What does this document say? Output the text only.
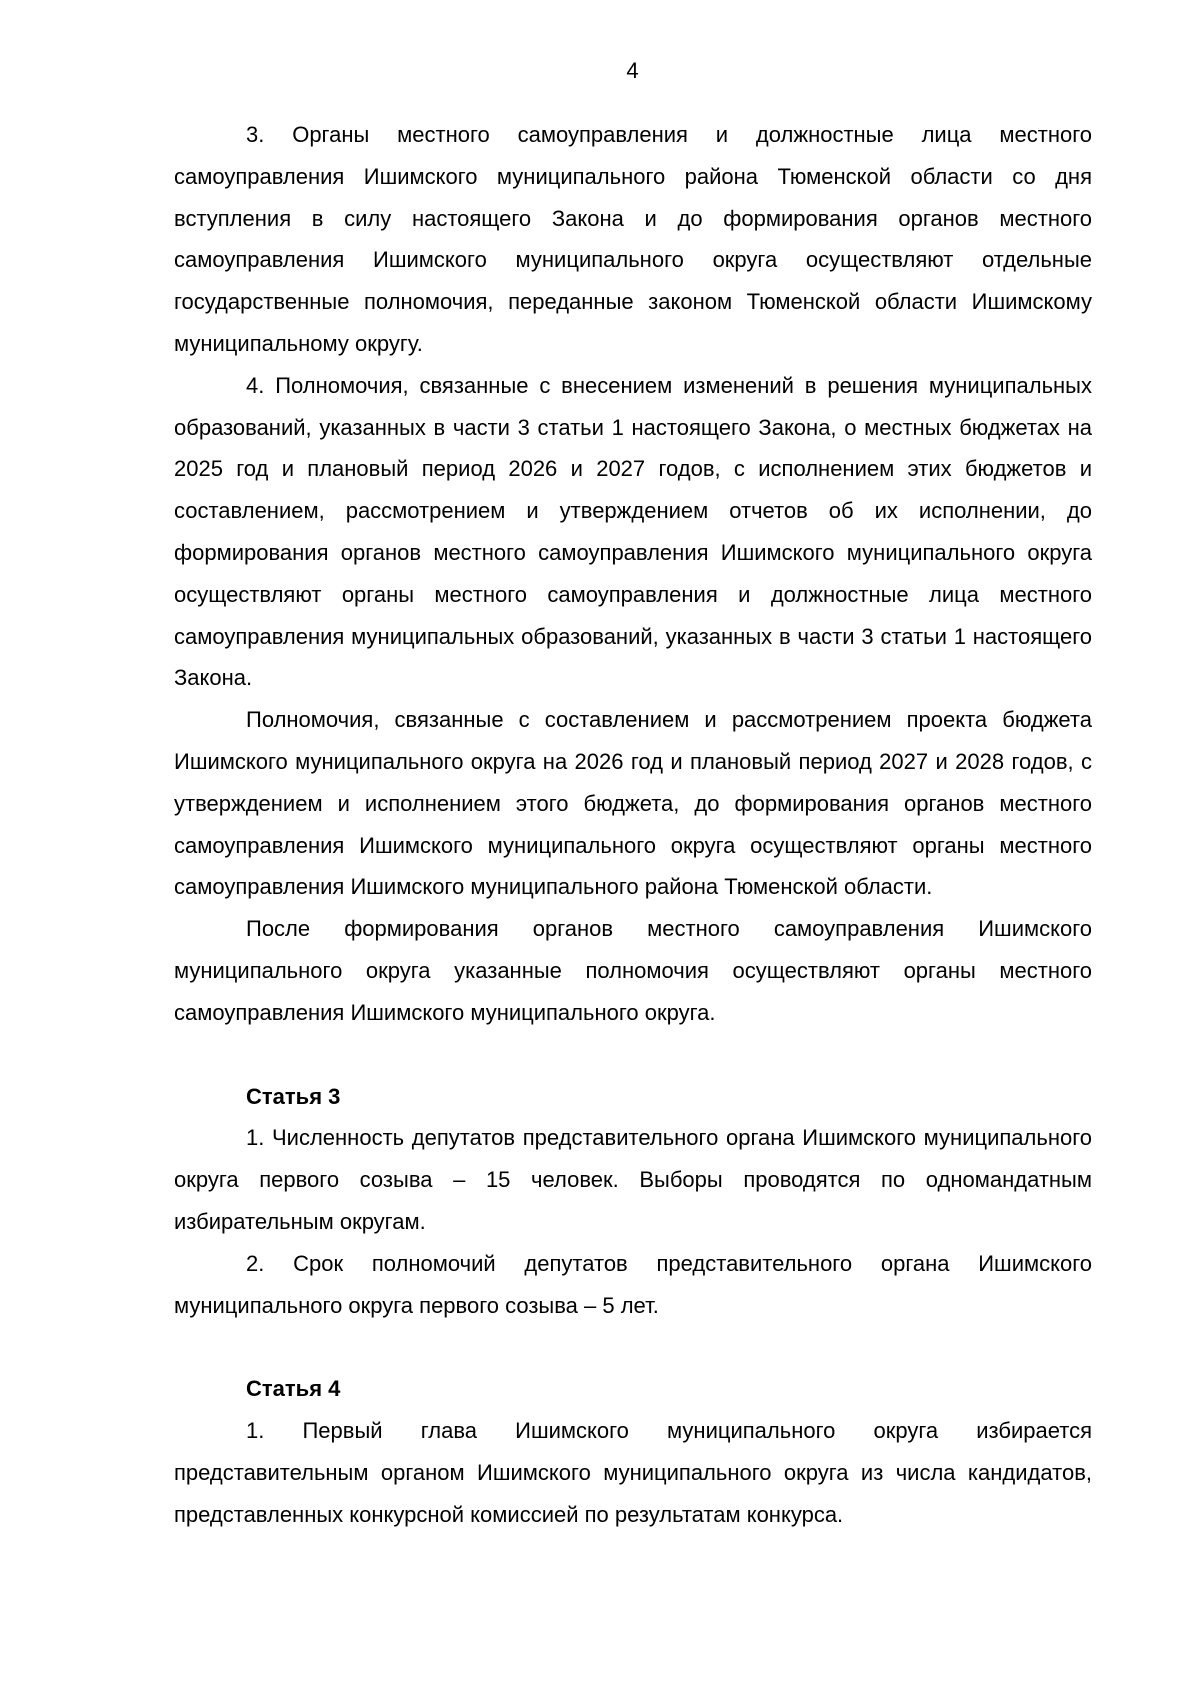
4

3. Органы местного самоуправления и должностные лица местного самоуправления Ишимского муниципального района Тюменской области со дня вступления в силу настоящего Закона и до формирования органов местного самоуправления Ишимского муниципального округа осуществляют отдельные государственные полномочия, переданные законом Тюменской области Ишимскому муниципальному округу.

4. Полномочия, связанные с внесением изменений в решения муниципальных образований, указанных в части 3 статьи 1 настоящего Закона, о местных бюджетах на 2025 год и плановый период 2026 и 2027 годов, с исполнением этих бюджетов и составлением, рассмотрением и утверждением отчетов об их исполнении, до формирования органов местного самоуправления Ишимского муниципального округа осуществляют органы местного самоуправления и должностные лица местного самоуправления муниципальных образований, указанных в части 3 статьи 1 настоящего Закона.

Полномочия, связанные с составлением и рассмотрением проекта бюджета Ишимского муниципального округа на 2026 год и плановый период 2027 и 2028 годов, с утверждением и исполнением этого бюджета, до формирования органов местного самоуправления Ишимского муниципального округа осуществляют органы местного самоуправления Ишимского муниципального района Тюменской области.

После формирования органов местного самоуправления Ишимского муниципального округа указанные полномочия осуществляют органы местного самоуправления Ишимского муниципального округа.

Статья 3

1. Численность депутатов представительного органа Ишимского муниципального округа первого созыва – 15 человек. Выборы проводятся по одномандатным избирательным округам.

2. Срок полномочий депутатов представительного органа Ишимского муниципального округа первого созыва – 5 лет.

Статья 4

1. Первый глава Ишимского муниципального округа избирается представительным органом Ишимского муниципального округа из числа кандидатов, представленных конкурсной комиссией по результатам конкурса.
